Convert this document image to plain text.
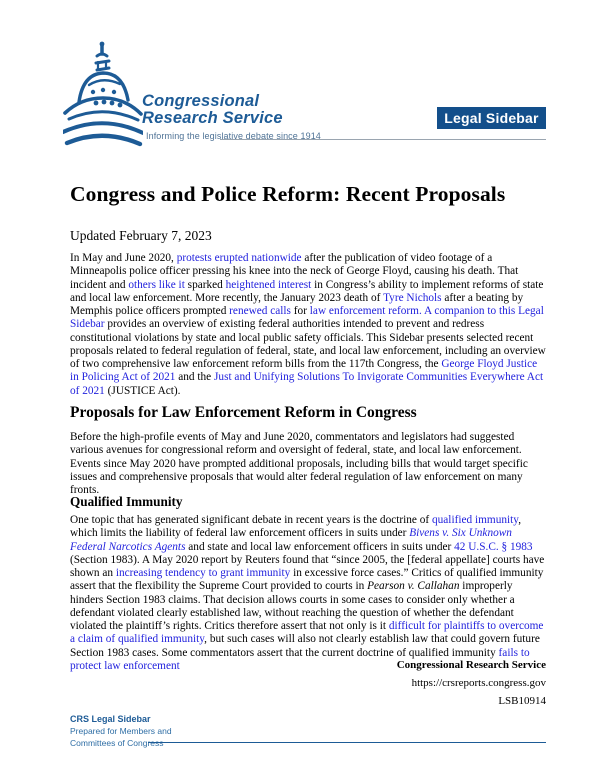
Congressional
Research Service
Informing the legislative debate since 1914
Legal Sidebar
Congress and Police Reform: Recent Proposals
Updated February 7, 2023

In May and June 2020, protests erupted nationwide after the publication of video footage of a Minneapolis police officer pressing his knee into the neck of George Floyd, causing his death. That incident and others like it sparked heightened interest in Congress’s ability to implement reforms of state and local law enforcement. More recently, the January 2023 death of Tyre Nichols after a beating by Memphis police officers prompted renewed calls for law enforcement reform. A companion to this Legal Sidebar provides an overview of existing federal authorities intended to prevent and redress constitutional violations by state and local public safety officials. This Sidebar presents selected recent proposals related to federal regulation of federal, state, and local law enforcement, including an overview of two comprehensive law enforcement reform bills from the 117th Congress, the George Floyd Justice in Policing Act of 2021 and the Just and Unifying Solutions To Invigorate Communities Everywhere Act of 2021 (JUSTICE Act).

Proposals for Law Enforcement Reform in Congress

Before the high-profile events of May and June 2020, commentators and legislators had suggested various avenues for congressional reform and oversight of federal, state, and local law enforcement. Events since May 2020 have prompted additional proposals, including bills that would target specific issues and comprehensive proposals that would alter federal regulation of law enforcement on many fronts.

Qualified Immunity

One topic that has generated significant debate in recent years is the doctrine of qualified immunity, which limits the liability of federal law enforcement officers in suits under Bivens v. Six Unknown Federal Narcotics Agents and state and local law enforcement officers in suits under 42 U.S.C. § 1983 (Section 1983). A May 2020 report by Reuters found that “since 2005, the [federal appellate] courts have shown an increasing tendency to grant immunity in excessive force cases.” Critics of qualified immunity assert that the flexibility the Supreme Court provided to courts in Pearson v. Callahan improperly hinders Section 1983 claims. That decision allows courts in some cases to consider only whether a defendant violated clearly established law, without reaching the question of whether the defendant violated the plaintiff’s rights. Critics therefore assert that not only is it difficult for plaintiffs to overcome a claim of qualified immunity, but such cases will also not clearly establish law that could govern future Section 1983 cases. Some commentators assert that the current doctrine of qualified immunity fails to protect law enforcement	Congressional Research Service
https://crsreports.congress.gov
LSB10914
CRS Legal Sidebar
Prepared for Members and
Committees of Congress
